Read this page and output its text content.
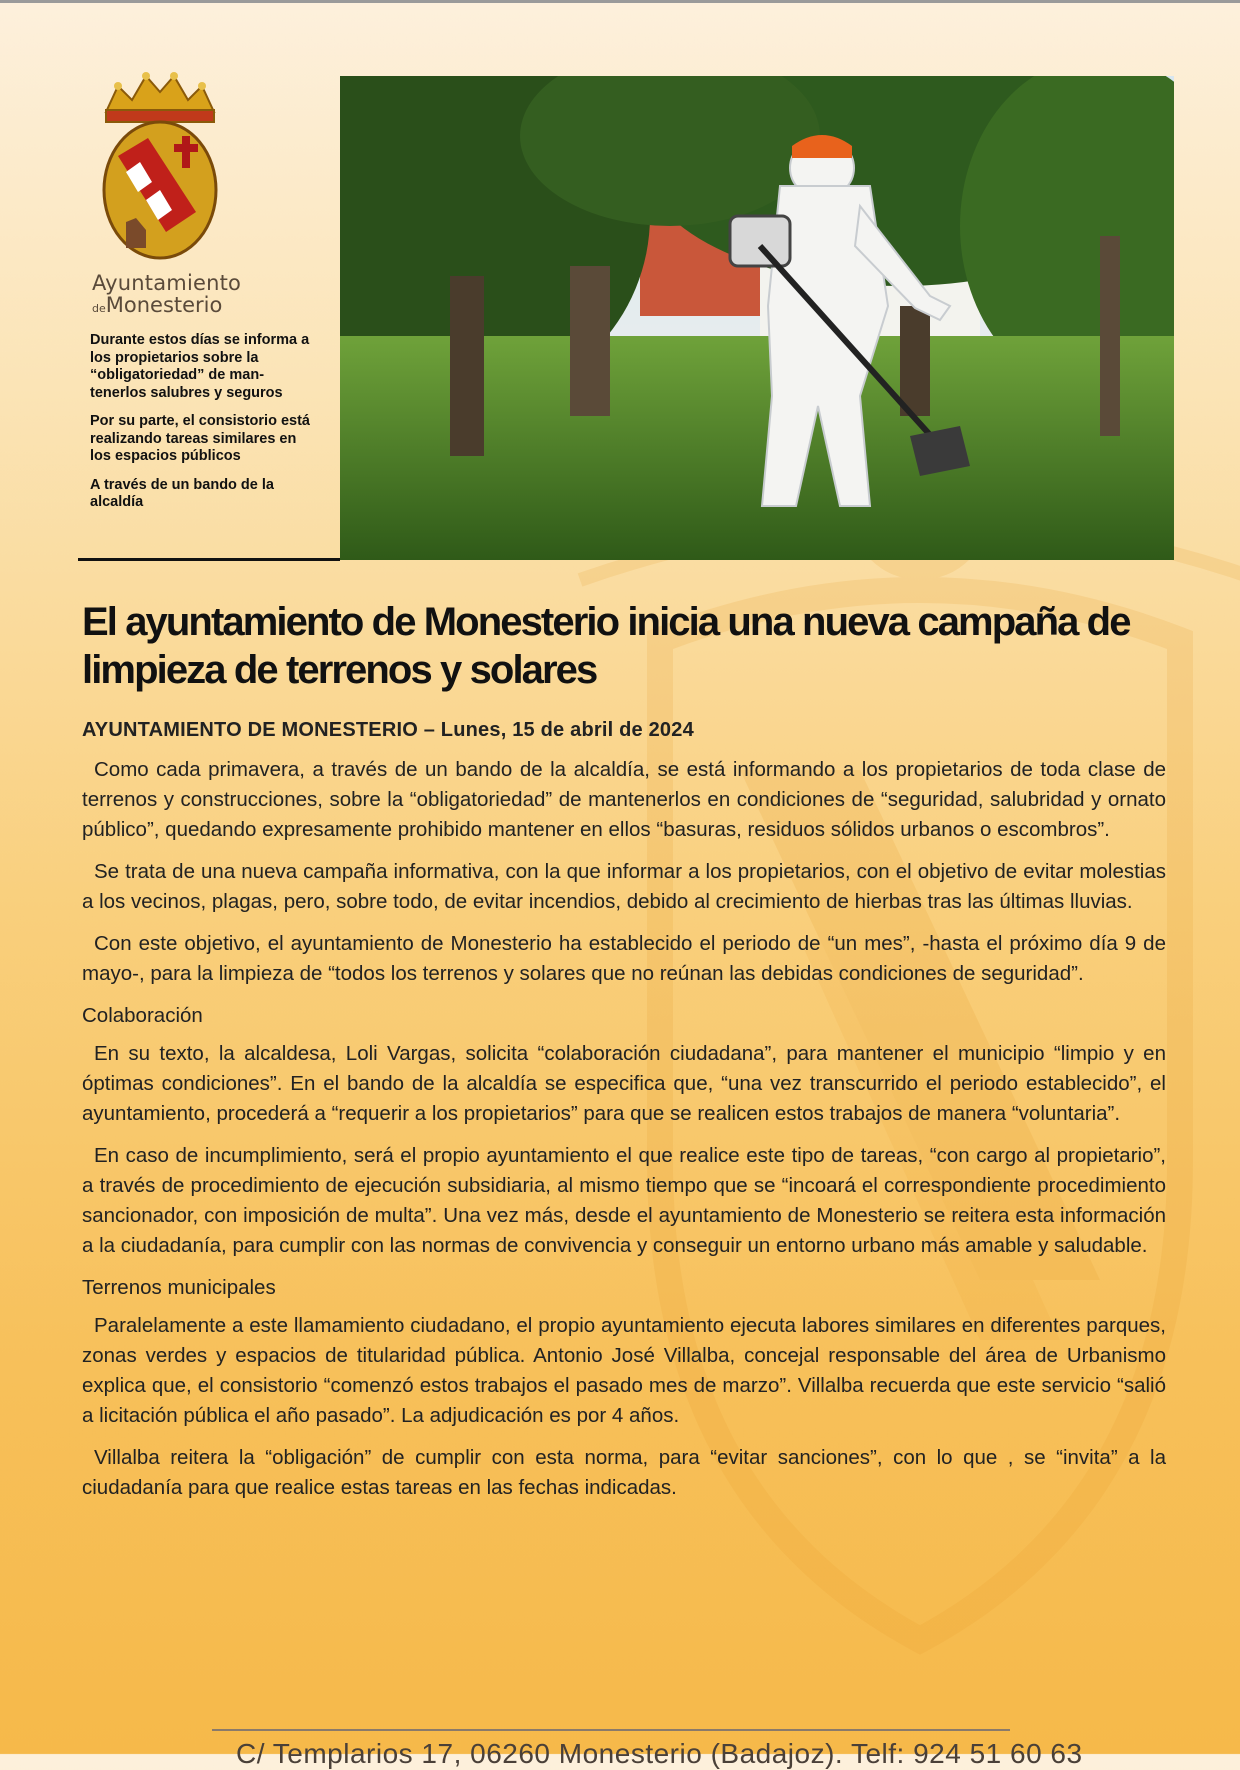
Ayuntamiento
deMonesterio

Durante estos días se informa a los propietarios sobre la “obligatoriedad” de mantenerlos salubres y seguros

Por su parte, el consistorio está realizando tareas similares en los espacios públicos

A través de un bando de la alcaldía

El ayuntamiento de Monesterio inicia una nueva campaña de limpieza de terrenos y solares

AYUNTAMIENTO DE MONESTERIO – Lunes, 15 de abril de 2024

Como cada primavera, a través de un bando de la alcaldía, se está informando a los propietarios de toda clase de terrenos y construcciones, sobre la “obligatoriedad” de mantenerlos en condiciones de “seguridad, salubridad y ornato público”, quedando expresamente prohibido mantener en ellos “basuras, residuos sólidos urbanos o escombros”.

Se trata de una nueva campaña informativa, con la que informar a los propietarios, con el objetivo de evitar molestias a los vecinos, plagas, pero, sobre todo, de evitar incendios, debido al crecimiento de hierbas tras las últimas lluvias.

Con este objetivo, el ayuntamiento de Monesterio ha establecido el periodo de “un mes”, -hasta el próximo día 9 de mayo-, para la limpieza de “todos los terrenos y solares que no reúnan las debidas condiciones de seguridad”.

Colaboración

En su texto, la alcaldesa, Loli Vargas, solicita “colaboración ciudadana”, para mantener el municipio “limpio y en óptimas condiciones”. En el bando de la alcaldía se especifica que, “una vez transcurrido el periodo establecido”, el ayuntamiento, procederá a “requerir a los propietarios” para que se realicen estos trabajos de manera “voluntaria”.

En caso de incumplimiento, será el propio ayuntamiento el que realice este tipo de tareas, “con cargo al propietario”, a través de procedimiento de ejecución subsidiaria, al mismo tiempo que se “incoará el correspondiente procedimiento sancionador, con imposición de multa”. Una vez más, desde el ayuntamiento de Monesterio se reitera esta información a la ciudadanía, para cumplir con las normas de convivencia y conseguir un entorno urbano más amable y saludable.

Terrenos municipales

Paralelamente a este llamamiento ciudadano, el propio ayuntamiento ejecuta labores similares en diferentes parques, zonas verdes y espacios de titularidad pública. Antonio José Villalba, concejal responsable del área de Urbanismo explica que, el consistorio “comenzó estos trabajos el pasado mes de marzo”. Villalba recuerda que este servicio “salió a licitación pública el año pasado”. La adjudicación es por 4 años.

Villalba reitera la “obligación” de cumplir con esta norma, para “evitar sanciones”, con lo que , se “invita” a la ciudadanía para que realice estas tareas en las fechas indicadas.

C/ Templarios 17, 06260 Monesterio (Badajoz). Telf: 924 51 60 63
